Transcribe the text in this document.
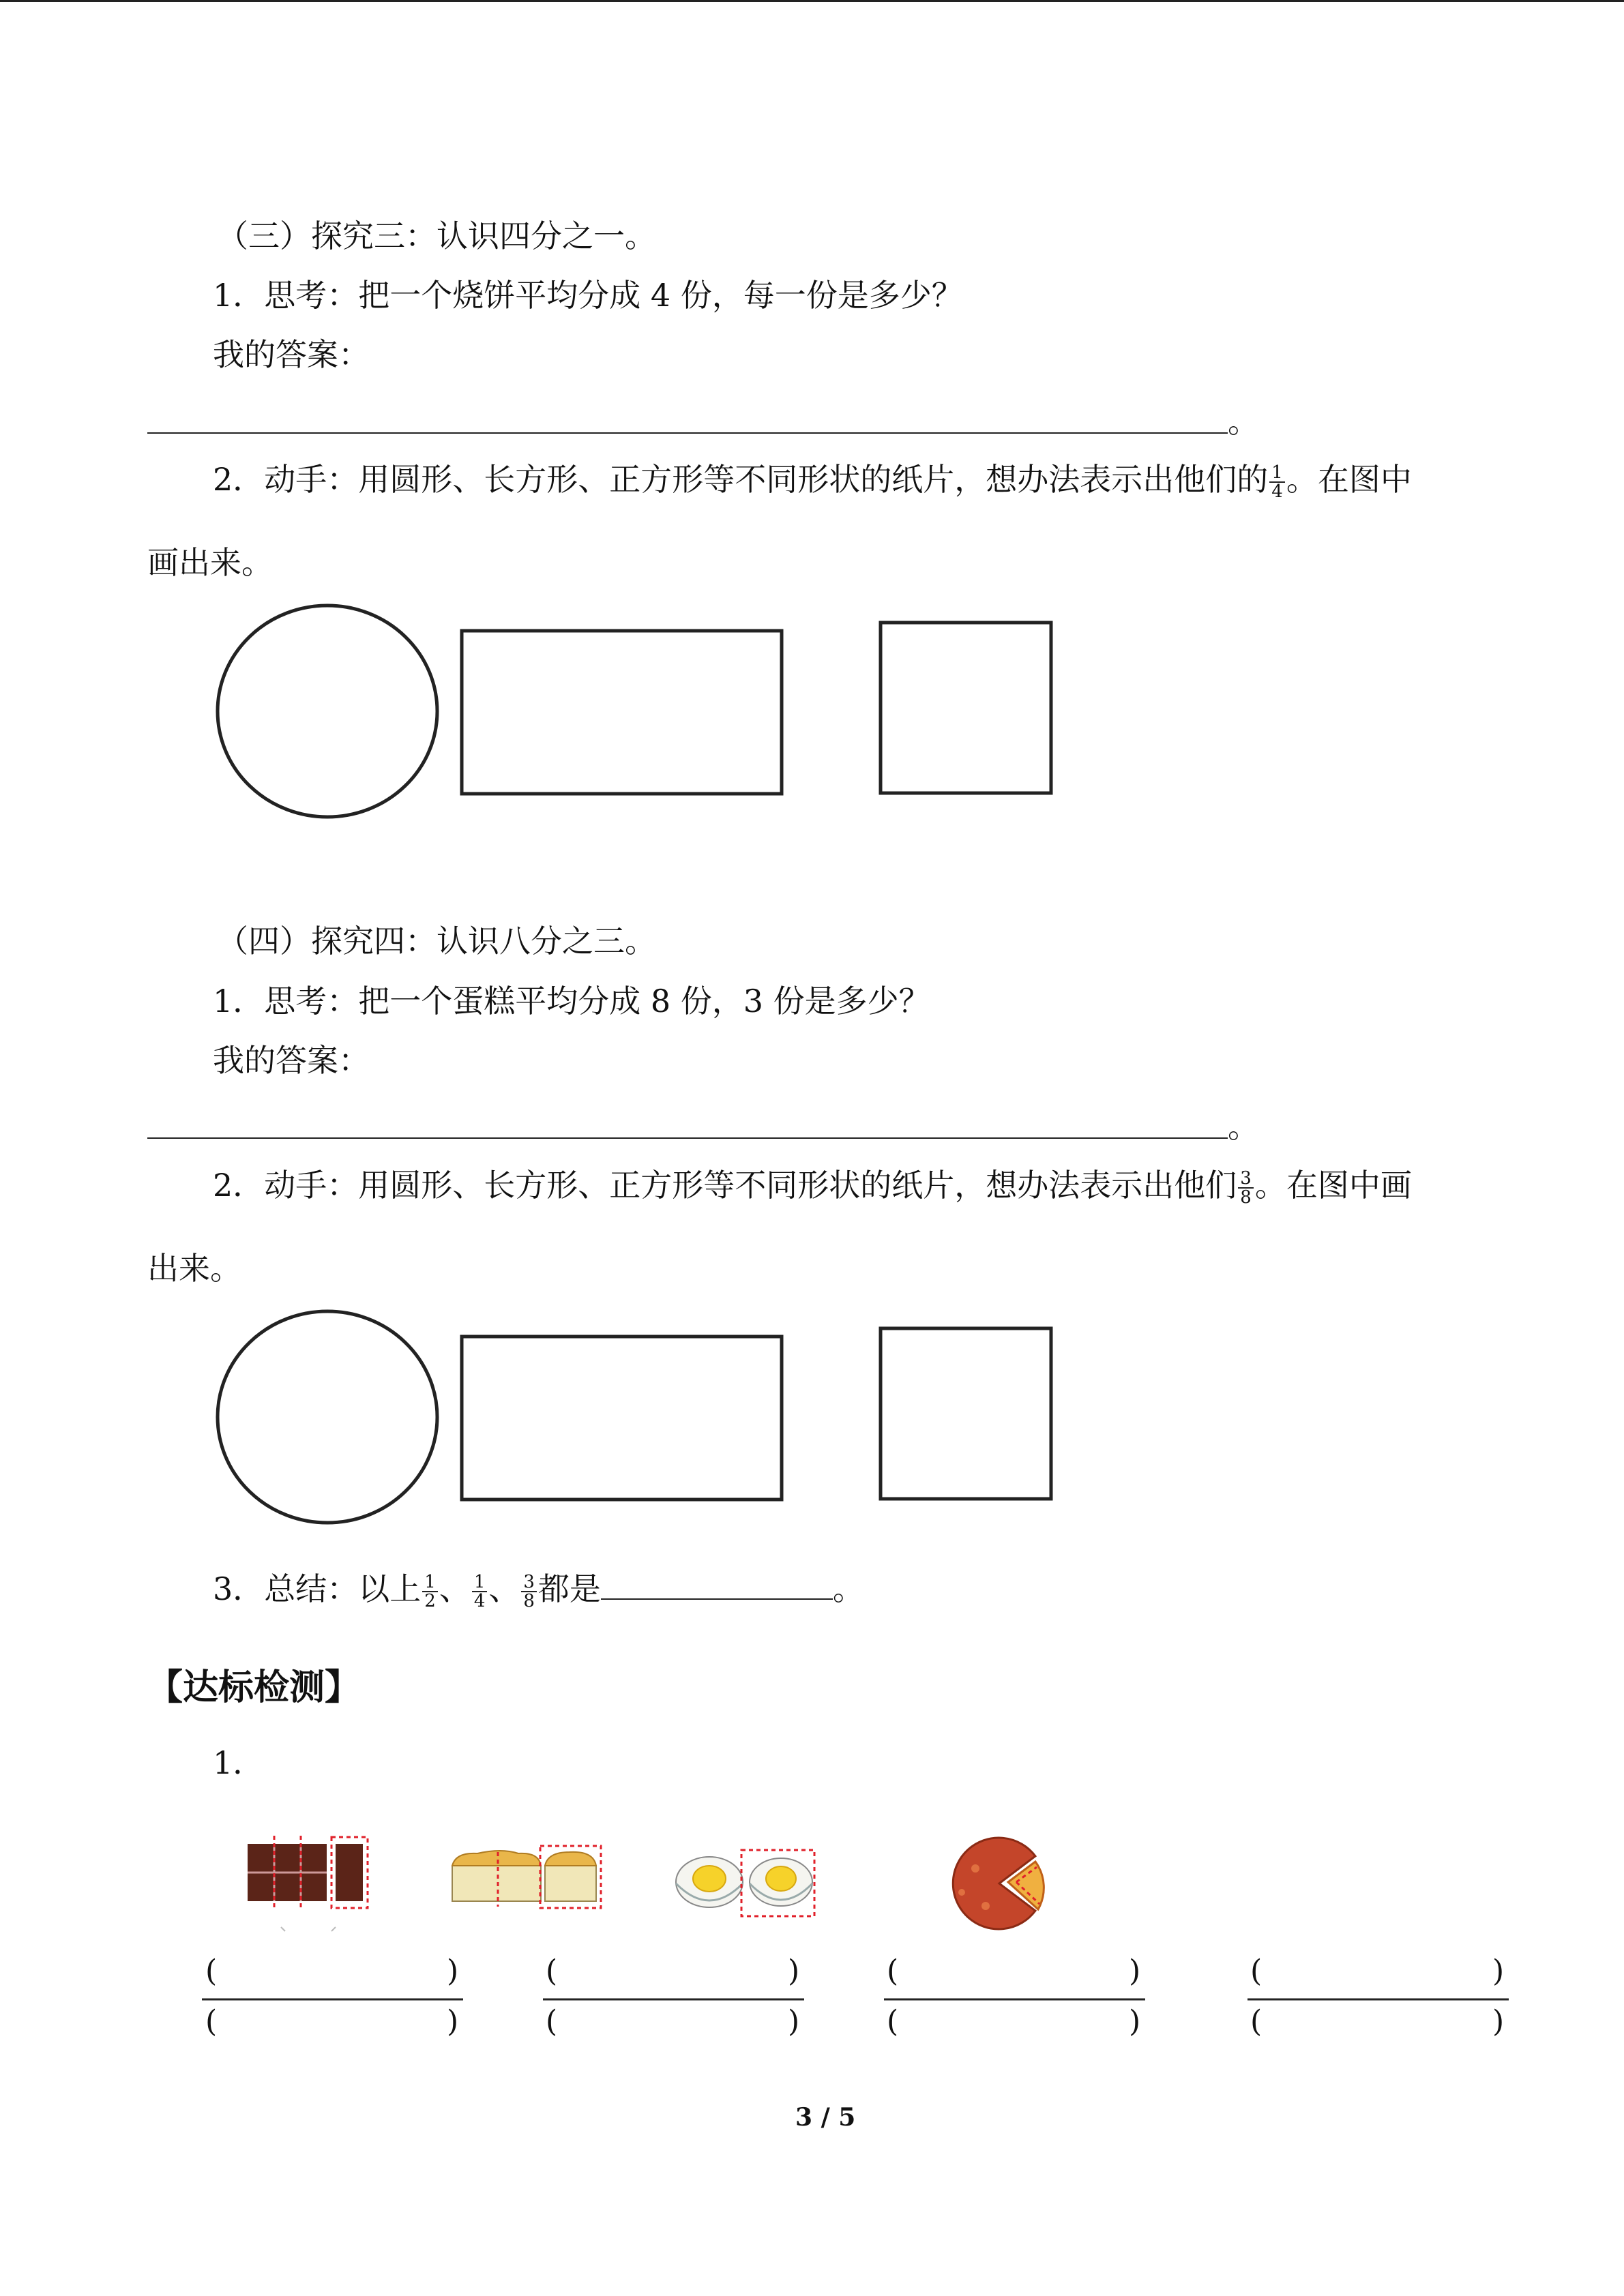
（三）探究三：认识四分之一。
1．思考：把一个烧饼平均分成 4 份，每一份是多少？
我的答案：
。
2．动手：用圆形、长方形、正方形等不同形状的纸片，想办法表示出他们的 $\frac{1}{4}$ 。在图中
画出来。
（四）探究四：认识八分之三。
1．思考：把一个蛋糕平均分成 8 份，3 份是多少？
我的答案：
。
2．动手：用圆形、长方形、正方形等不同形状的纸片，想办法表示出他们 $\frac{3}{8}$ 。在图中画
出来。
3．总结：以上 $\frac{1}{2}$ 、 $\frac{1}{4}$ 、 $\frac{3}{8}$ 都是	。
【达标检测】
1．
(	)
(	)
(	)
(	)
(	)
(	)
(	)
(	)
3 / 5
